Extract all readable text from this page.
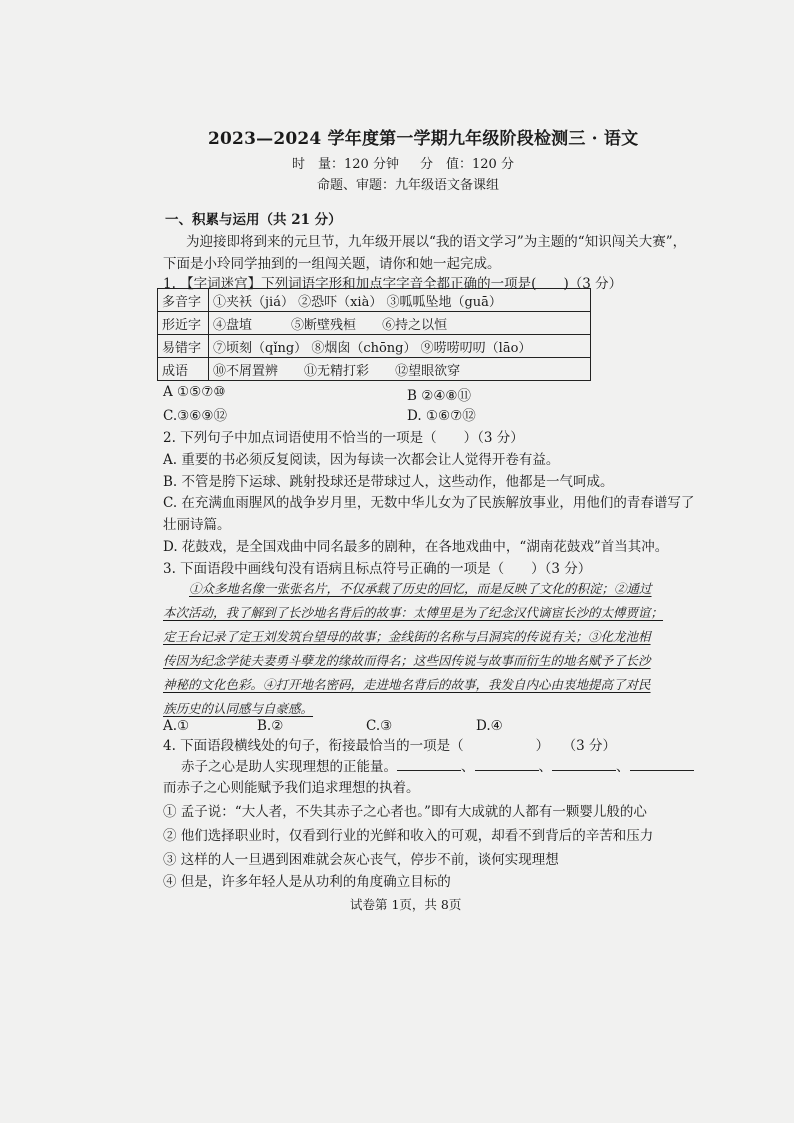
2023—2024 学年度第一学期九年级阶段检测三 · 语文
时　量：120 分钟 分　值：120 分
命题、审题：九年级语文备课组
一、积累与运用（共 21 分）
为迎接即将到来的元旦节，九年级开展以“我的语文学习”为主题的“知识闯关大赛”，
下面是小玲同学抽到的一组闯关题，请你和她一起完成。
1. 【字词迷宫】下列词语字形和加点字字音全都正确的一项是(　　)（3 分）
多音字	①夹袄（jiá） ②恐吓（xià） ③呱呱坠地（guā）
形近字	④盘埴　　　 ⑤断壁残桓　　 ⑥持之以恒
易错字	⑦顷刻（qǐng） ⑧烟囱（chōng） ⑨唠唠叨叨（lāo）
成语	⑩不屑置辨　　 ⑪无精打彩　　 ⑫望眼欲穿
A ①⑤⑦⑩	B ②④⑧⑪
C.③⑥⑨⑫	D. ①⑥⑦⑫
2. 下列句子中加点词语使用不恰当的一项是（　　）（3 分）
A. 重要的书必须反复阅读，因为每读一次都会让人觉得开卷有益。
B. 不管是胯下运球、跳射投球还是带球过人，这些动作，他都是一气呵成。
C. 在充满血雨腥风的战争岁月里，无数中华儿女为了民族解放事业，用他们的青春谱写了
壮丽诗篇。
D. 花鼓戏，是全国戏曲中同名最多的剧种，在各地戏曲中，“湖南花鼓戏”首当其冲。
3. 下面语段中画线句没有语病且标点符号正确的一项是（　　）（3 分）
①众多地名像一张张名片，不仅承载了历史的回忆，而是反映了文化的积淀；②通过
本次活动，我了解到了长沙地名背后的故事：太傅里是为了纪念汉代谪宦长沙的太傅贾谊；
定王台记录了定王刘发筑台望母的故事；金线街的名称与吕洞宾的传说有关；③化龙池相
传因为纪念学徒夫妻勇斗孽龙的缘故而得名；这些因传说与故事而衍生的地名赋予了长沙
神秘的文化色彩。④打开地名密码，走进地名背后的故事，我发自内心由衷地提高了对民
族历史的认同感与自豪感。
A.①	B.②	C.③	D.④
4. 下面语段横线处的句子，衔接最恰当的一项是（	）　　（3 分）
赤子之心是助人实现理想的正能量。	、	、	、
而赤子之心则能赋予我们追求理想的执着。
① 孟子说：“大人者，不失其赤子之心者也。”即有大成就的人都有一颗婴儿般的心
② 他们选择职业时，仅看到行业的光鲜和收入的可观，却看不到背后的辛苦和压力
③ 这样的人一旦遇到困难就会灰心丧气，停步不前，谈何实现理想
④ 但是，许多年轻人是从功利的角度确立目标的
试卷第 1页，共 8页
